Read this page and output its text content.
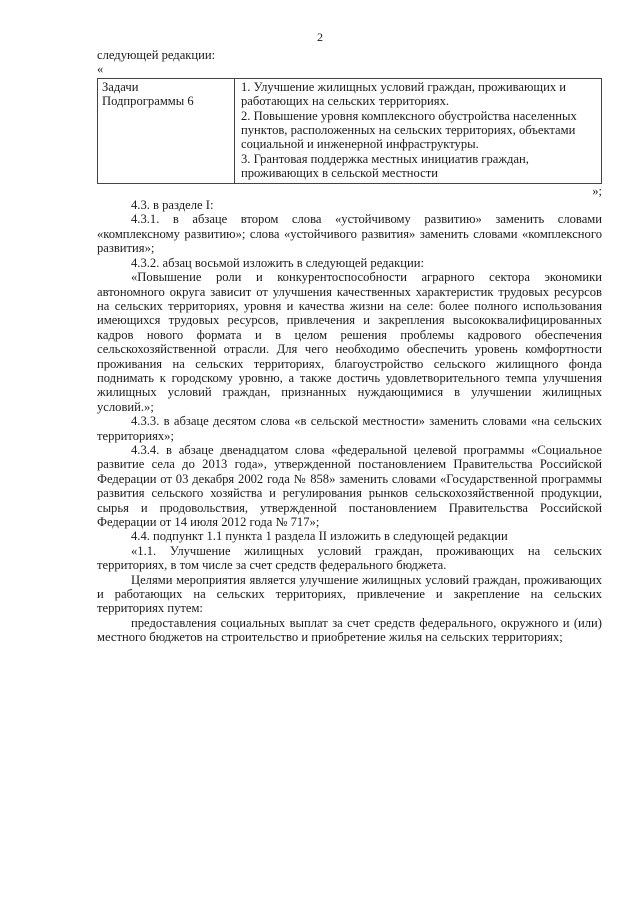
2

следующей редакции:

«

Задачи
Подпрограммы 6
1. Улучшение жилищных условий граждан, проживающих и работающих на сельских территориях.
2. Повышение уровня комплексного обустройства населенных пунктов, расположенных на сельских территориях, объектами социальной и инженерной инфраструктуры.
3. Грантовая поддержка местных инициатив граждан, проживающих в сельской местности

»;

4.3. в разделе I:

4.3.1. в абзаце втором слова «устойчивому развитию» заменить словами «комплексному развитию»; слова «устойчивого развития» заменить словами «комплексного развития»;

4.3.2. абзац восьмой изложить в следующей редакции:

«Повышение роли и конкурентоспособности аграрного сектора экономики автономного округа зависит от улучшения качественных характеристик трудовых ресурсов на сельских территориях, уровня и качества жизни на селе: более полного использования имеющихся трудовых ресурсов, привлечения и закрепления высококвалифицированных кадров нового формата и в целом решения проблемы кадрового обеспечения сельскохозяйственной отрасли. Для чего необходимо обеспечить уровень комфортности проживания на сельских территориях, благоустройство сельского жилищного фонда поднимать к городскому уровню, а также достичь удовлетворительного темпа улучшения жилищных условий граждан, признанных нуждающимися в улучшении жилищных условий.»;

4.3.3. в абзаце десятом слова «в сельской местности» заменить словами «на сельских территориях»;

4.3.4. в абзаце двенадцатом слова «федеральной целевой программы «Социальное развитие села до 2013 года», утвержденной постановлением Правительства Российской Федерации от 03 декабря 2002 года № 858» заменить словами «Государственной программы развития сельского хозяйства и регулирования рынков сельскохозяйственной продукции, сырья и продовольствия, утвержденной постановлением Правительства Российской Федерации от 14 июля 2012 года № 717»;

4.4. подпункт 1.1 пункта 1 раздела II изложить в следующей редакции

«1.1. Улучшение жилищных условий граждан, проживающих на сельских территориях, в том числе за счет средств федерального бюджета.

Целями мероприятия является улучшение жилищных условий граждан, проживающих и работающих на сельских территориях, привлечение и закрепление на сельских территориях путем:

предоставления социальных выплат за счет средств федерального, окружного и (или) местного бюджетов на строительство и приобретение жилья на сельских территориях;
